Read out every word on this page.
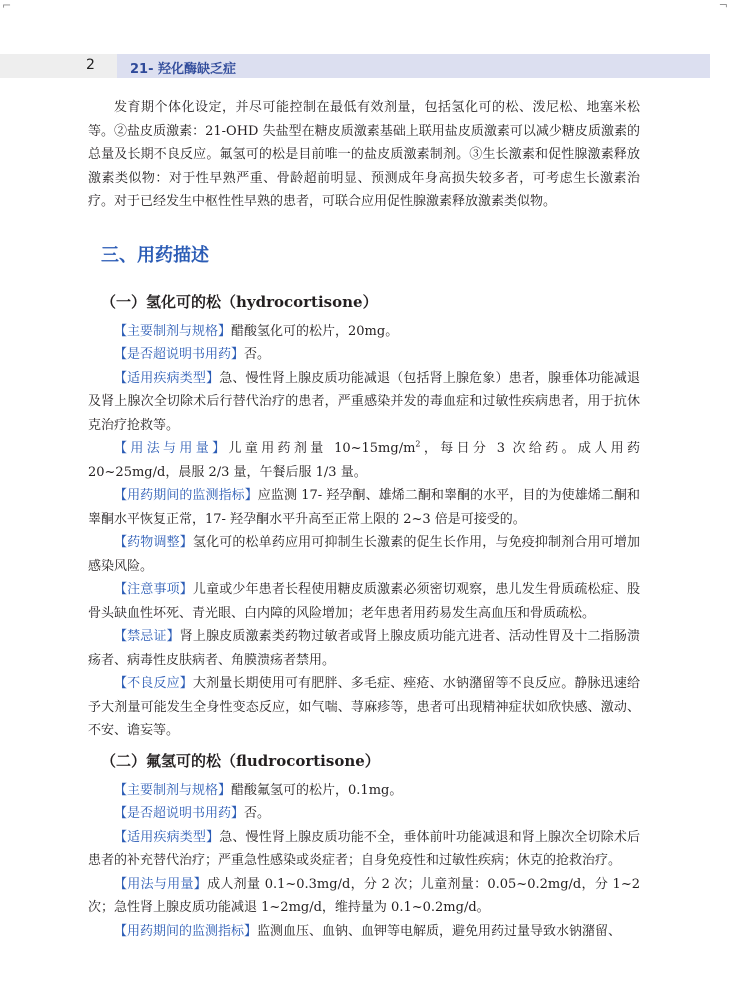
⌐	¬
2	21- 羟化酶缺乏症

发育期个体化设定，并尽可能控制在最低有效剂量，包括氢化可的松、泼尼松、地塞米松等。②盐皮质激素：21-OHD 失盐型在糖皮质激素基础上联用盐皮质激素可以减少糖皮质激素的总量及长期不良反应。氟氢可的松是目前唯一的盐皮质激素制剂。③生长激素和促性腺激素释放激素类似物：对于性早熟严重、骨龄超前明显、预测成年身高损失较多者，可考虑生长激素治疗。对于已经发生中枢性性早熟的患者，可联合应用促性腺激素释放激素类似物。

三、用药描述
（一）氢化可的松（hydrocortisone）

【主要制剂与规格】醋酸氢化可的松片，20mg。

【是否超说明书用药】否。

【适用疾病类型】急、慢性肾上腺皮质功能减退（包括肾上腺危象）患者，腺垂体功能减退及肾上腺次全切除术后行替代治疗的患者，严重感染并发的毒血症和过敏性疾病患者，用于抗休克治疗抢救等。

【用法与用量】儿童用药剂量 $10\sim 15mg/m^2$，每日分 3 次给药。成人用药 20~25mg/d，晨服 2/3 量，午餐后服 1/3 量。

【用药期间的监测指标】应监测 17- 羟孕酮、雄烯二酮和睾酮的水平，目的为使雄烯二酮和睾酮水平恢复正常，17- 羟孕酮水平升高至正常上限的 2~3 倍是可接受的。

【药物调整】氢化可的松单药应用可抑制生长激素的促生长作用，与免疫抑制剂合用可增加感染风险。

【注意事项】儿童或少年患者长程使用糖皮质激素必须密切观察，患儿发生骨质疏松症、股骨头缺血性坏死、青光眼、白内障的风险增加；老年患者用药易发生高血压和骨质疏松。

【禁忌证】肾上腺皮质激素类药物过敏者或肾上腺皮质功能亢进者、活动性胃及十二指肠溃疡者、病毒性皮肤病者、角膜溃疡者禁用。

【不良反应】大剂量长期使用可有肥胖、多毛症、痤疮、水钠潴留等不良反应。静脉迅速给予大剂量可能发生全身性变态反应，如气喘、荨麻疹等，患者可出现精神症状如欣快感、激动、不安、谵妄等。

（二）氟氢可的松（fludrocortisone）

【主要制剂与规格】醋酸氟氢可的松片，0.1mg。

【是否超说明书用药】否。

【适用疾病类型】急、慢性肾上腺皮质功能不全，垂体前叶功能减退和肾上腺次全切除术后患者的补充替代治疗；严重急性感染或炎症者；自身免疫性和过敏性疾病；休克的抢救治疗。

【用法与用量】成人剂量 0.1~0.3mg/d，分 2 次；儿童剂量：0.05~0.2mg/d，分 1~2 次；急性肾上腺皮质功能减退 1~2mg/d，维持量为 0.1~0.2mg/d。

【用药期间的监测指标】监测血压、血钠、血钾等电解质，避免用药过量导致水钠潴留、
